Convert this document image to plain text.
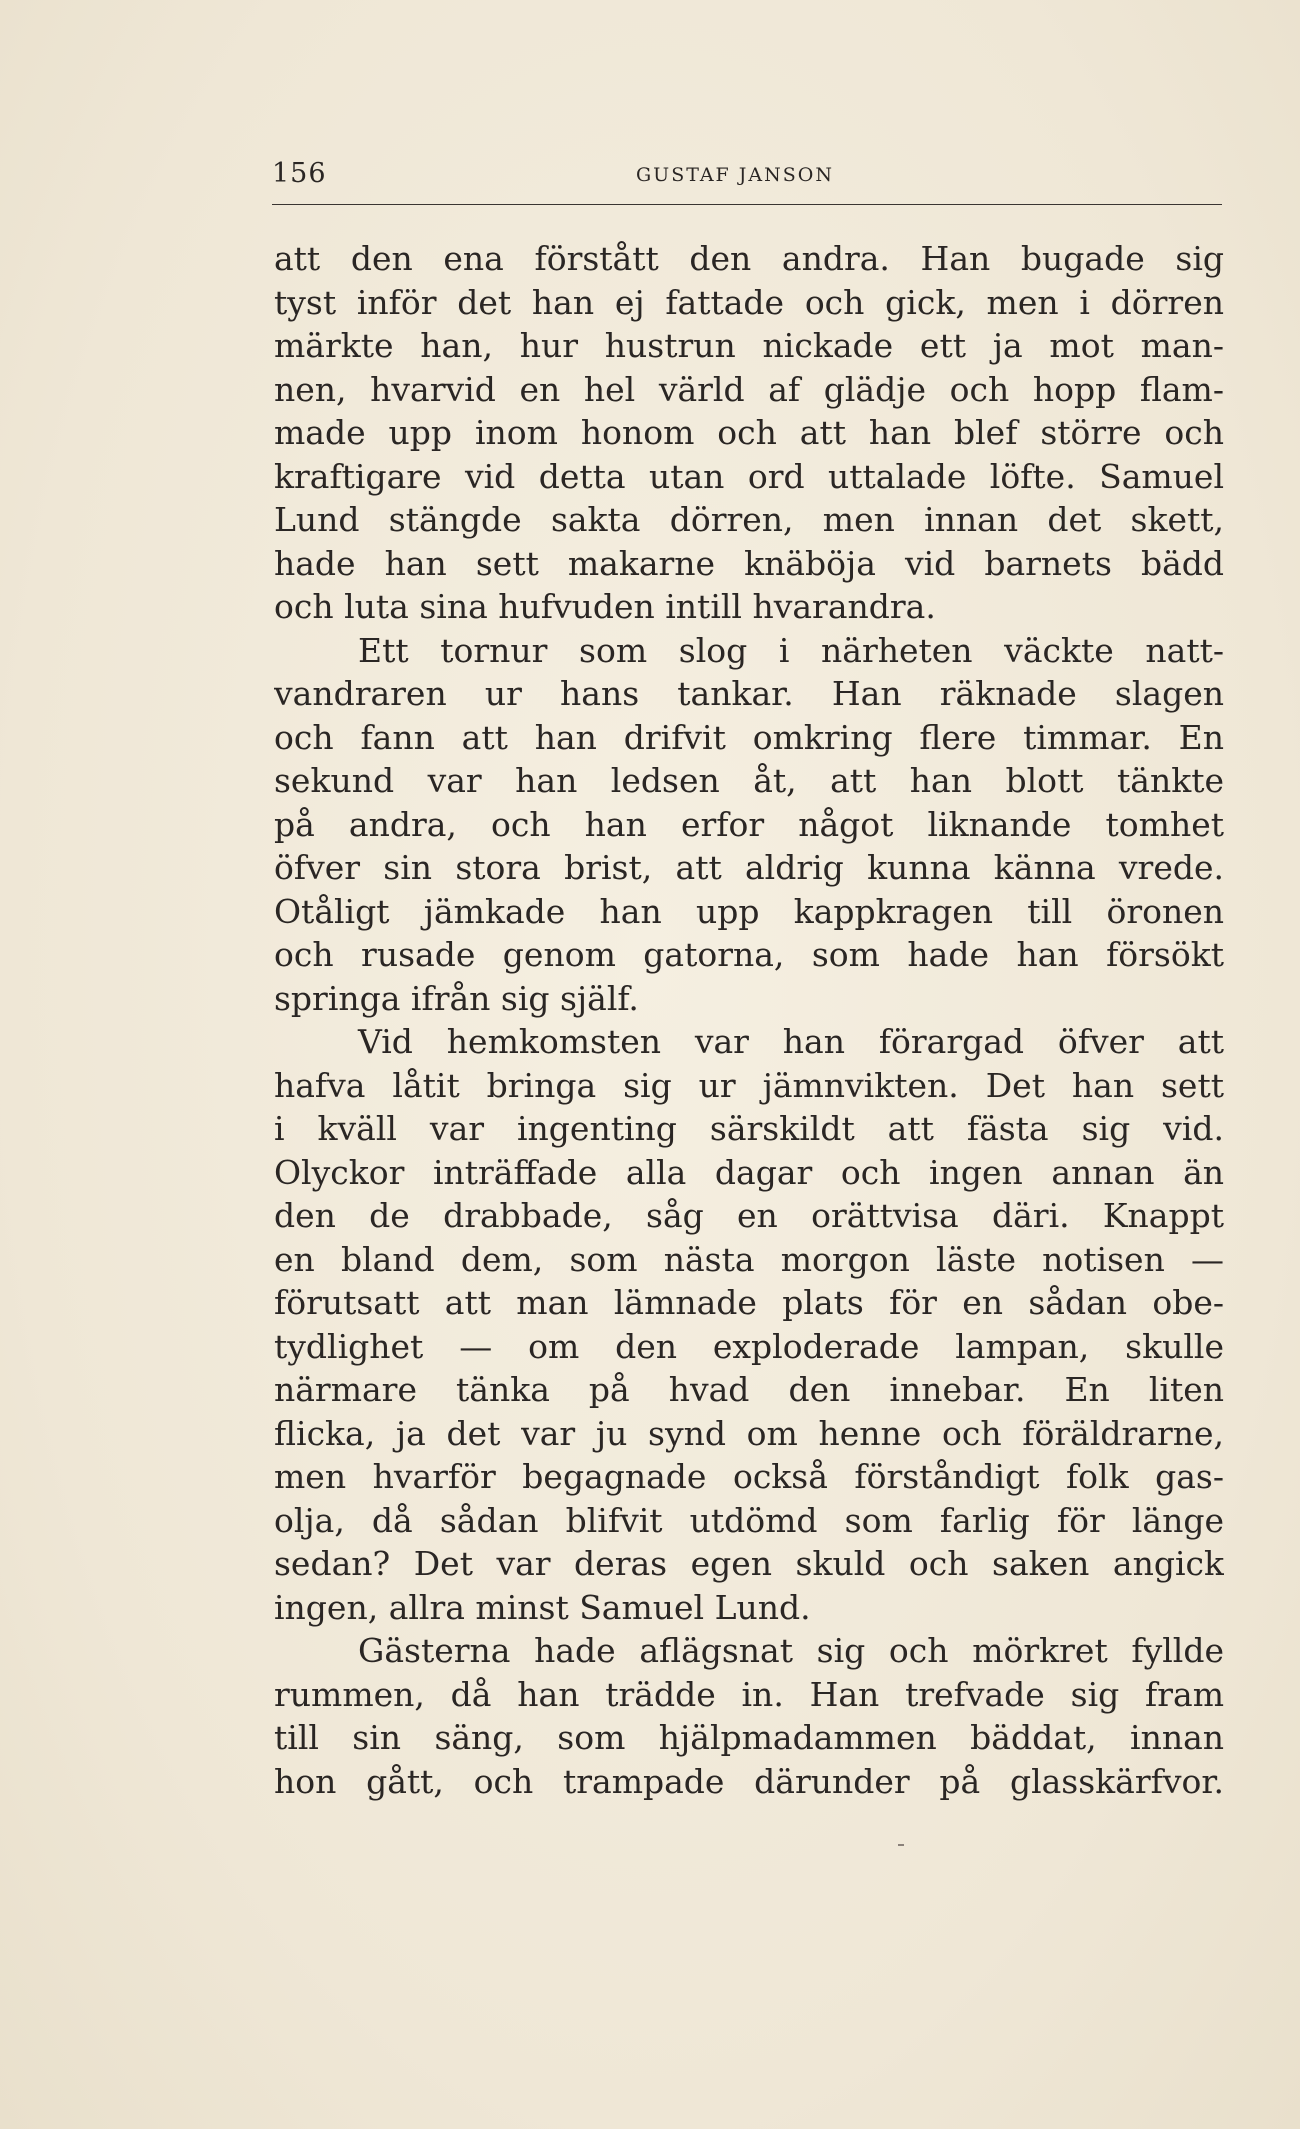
156	GUSTAF JANSON
att den ena förstått den andra. Han bugade sig
tyst inför det han ej fattade och gick, men i dörren
märkte han, hur hustrun nickade ett ja mot man-
nen, hvarvid en hel värld af glädje och hopp flam-
made upp inom honom och att han blef större och
kraftigare vid detta utan ord uttalade löfte. Samuel
Lund stängde sakta dörren, men innan det skett,
hade han sett makarne knäböja vid barnets bädd
och luta sina hufvuden intill hvarandra.
Ett tornur som slog i närheten väckte natt-
vandraren ur hans tankar. Han räknade slagen
och fann att han drifvit omkring flere timmar. En
sekund var han ledsen åt, att han blott tänkte
på andra, och han erfor något liknande tomhet
öfver sin stora brist, att aldrig kunna känna vrede.
Otåligt jämkade han upp kappkragen till öronen
och rusade genom gatorna, som hade han försökt
springa ifrån sig själf.
Vid hemkomsten var han förargad öfver att
hafva låtit bringa sig ur jämnvikten. Det han sett
i kväll var ingenting särskildt att fästa sig vid.
Olyckor inträffade alla dagar och ingen annan än
den de drabbade, såg en orättvisa däri. Knappt
en bland dem, som nästa morgon läste notisen —
förutsatt att man lämnade plats för en sådan obe-
tydlighet — om den exploderade lampan, skulle
närmare tänka på hvad den innebar. En liten
flicka, ja det var ju synd om henne och föräldrarne,
men hvarför begagnade också förståndigt folk gas-
olja, då sådan blifvit utdömd som farlig för länge
sedan? Det var deras egen skuld och saken angick
ingen, allra minst Samuel Lund.
Gästerna hade aflägsnat sig och mörkret fyllde
rummen, då han trädde in. Han trefvade sig fram
till sin säng, som hjälpmadammen bäddat, innan
hon gått, och trampade därunder på glasskärfvor.
